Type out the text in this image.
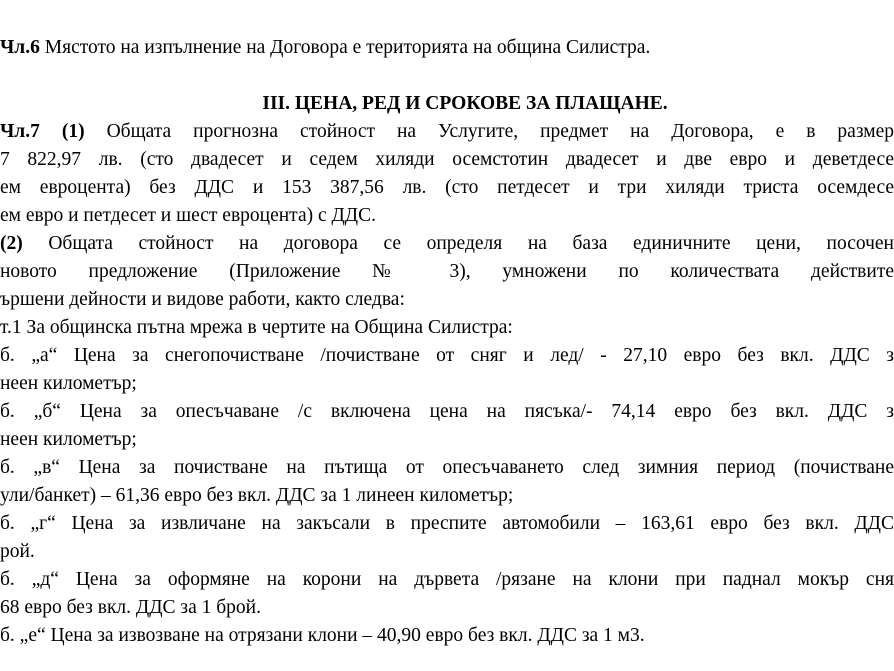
Чл.6 Мястото на изпълнение на Договора е територията на община Силистра.
III. ЦЕНА, РЕД И СРОКОВЕ ЗА ПЛАЩАНЕ.
Чл.7 (1) Общата прогнозна стойност на Услугите, предмет на Договора, е в размер
7 822,97 лв. (сто двадесет и седем хиляди осемстотин двадесет и две евро и деветдесе
ем евроцента) без ДДС и 153 387,56 лв. (сто петдесет и три хиляди триста осемдесе
ем евро и петдесет и шест евроцента) с ДДС.
(2) Общата стойност на договора се определя на база единичните цени, посочен
новото предложение (Приложение № 3), умножени по количествата действите
ършени дейности и видове работи, както следва:
т.1 За общинска пътна мрежа в чертите на Община Силистра:
б. „а“ Цена за снегопочистване /почистване от сняг и лед/ - 27,10 евро без вкл. ДДС з
неен километър;
б. „б“ Цена за опесъчаване /с включена цена на пясъка/- 74,14 евро без вкл. ДДС з
неен километър;
б. „в“ Цена за почистване на пътища от опесъчаването след зимния период (почистване
ули/банкет) – 61,36 евро без вкл. ДДС за 1 линеен километър;
б. „г“ Цена за извличане на закъсали в преспите автомобили – 163,61 евро без вкл. ДДС
рой.
б. „д“ Цена за оформяне на корони на дървета /рязане на клони при паднал мокър сня
68 евро без вкл. ДДС за 1 брой.
б. „е“ Цена за извозване на отрязани клони – 40,90 евро без вкл. ДДС за 1 м3.
